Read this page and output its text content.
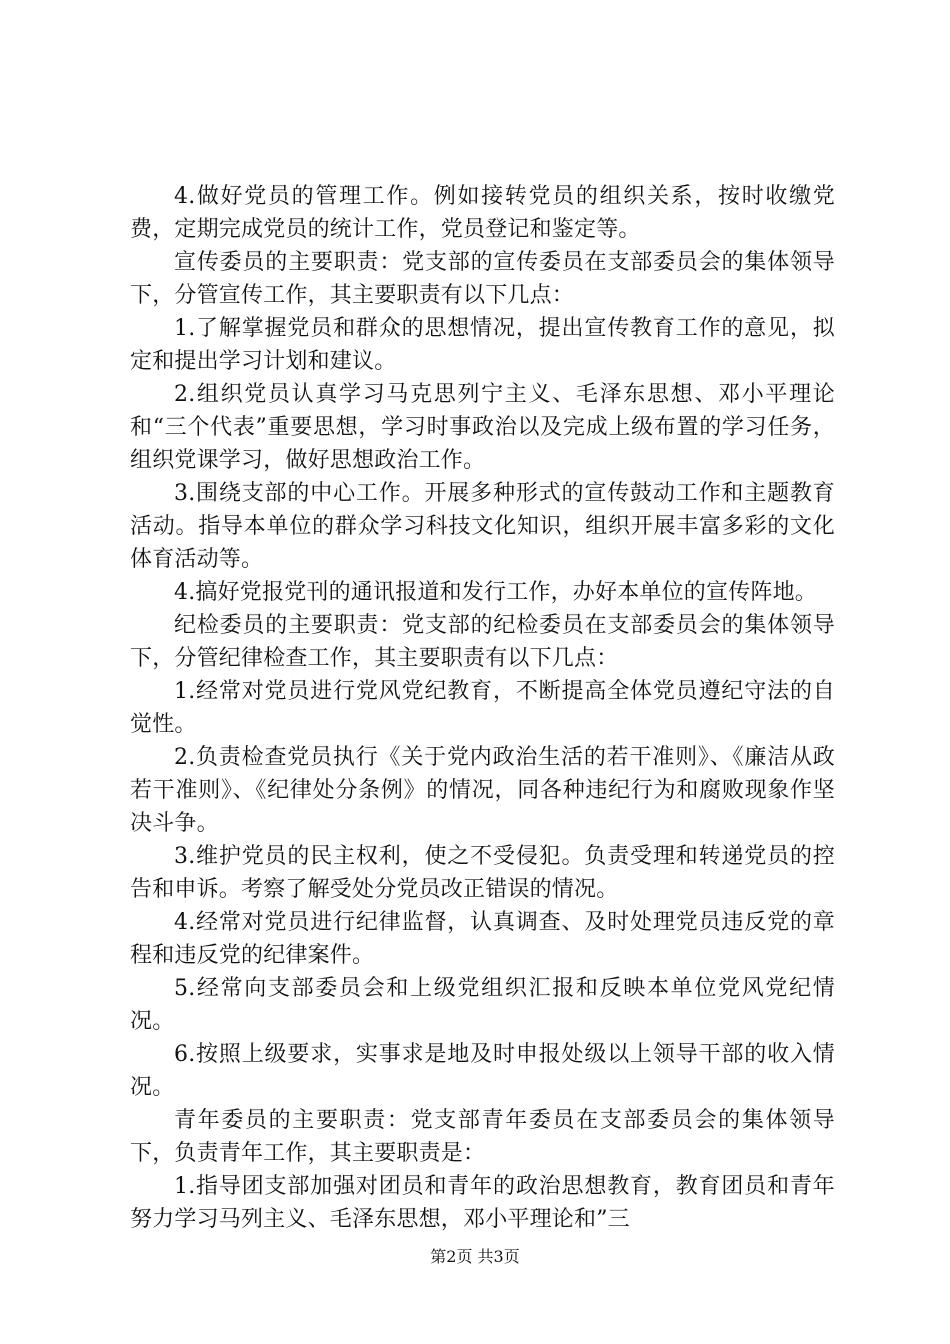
4.做好党员的管理工作。例如接转党员的组织关系，按时收缴党费，定期完成党员的统计工作，党员登记和鉴定等。

宣传委员的主要职责：党支部的宣传委员在支部委员会的集体领导下，分管宣传工作，其主要职责有以下几点：

1.了解掌握党员和群众的思想情况，提出宣传教育工作的意见，拟定和提出学习计划和建议。

2.组织党员认真学习马克思列宁主义、毛泽东思想、邓小平理论和“三个代表”重要思想，学习时事政治以及完成上级布置的学习任务，组织党课学习，做好思想政治工作。

3.围绕支部的中心工作。开展多种形式的宣传鼓动工作和主题教育活动。指导本单位的群众学习科技文化知识，组织开展丰富多彩的文化体育活动等。

4.搞好党报党刊的通讯报道和发行工作，办好本单位的宣传阵地。

纪检委员的主要职责：党支部的纪检委员在支部委员会的集体领导下，分管纪律检查工作，其主要职责有以下几点：

1.经常对党员进行党风党纪教育，不断提高全体党员遵纪守法的自觉性。

2.负责检查党员执行《关于党内政治生活的若干准则》、《廉洁从政若干准则》、《纪律处分条例》的情况，同各种违纪行为和腐败现象作坚决斗争。

3.维护党员的民主权利，使之不受侵犯。负责受理和转递党员的控告和申诉。考察了解受处分党员改正错误的情况。

4.经常对党员进行纪律监督，认真调查、及时处理党员违反党的章程和违反党的纪律案件。

5.经常向支部委员会和上级党组织汇报和反映本单位党风党纪情况。

6.按照上级要求，实事求是地及时申报处级以上领导干部的收入情况。

青年委员的主要职责：党支部青年委员在支部委员会的集体领导下，负责青年工作，其主要职责是：

1.指导团支部加强对团员和青年的政治思想教育，教育团员和青年努力学习马列主义、毛泽东思想，邓小平理论和”三

第2页 共3页
